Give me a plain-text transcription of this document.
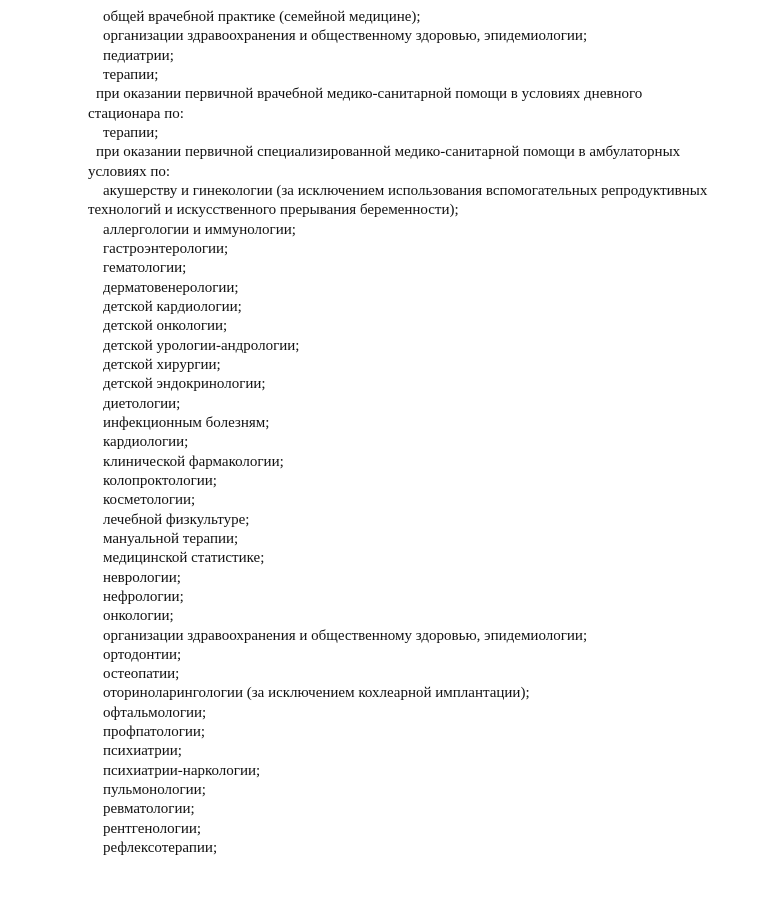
общей врачебной практике (семейной медицине);
организации здравоохранения и общественному здоровью, эпидемиологии;
педиатрии;
терапии;
при оказании первичной врачебной медико-санитарной помощи в условиях дневного
стационара по:
терапии;
при оказании первичной специализированной медико-санитарной помощи в амбулаторных
условиях по:
акушерству и гинекологии (за исключением использования вспомогательных репродуктивных
технологий и искусственного прерывания беременности);
аллергологии и иммунологии;
гастроэнтерологии;
гематологии;
дерматовенерологии;
детской кардиологии;
детской онкологии;
детской урологии-андрологии;
детской хирургии;
детской эндокринологии;
диетологии;
инфекционным болезням;
кардиологии;
клинической фармакологии;
колопроктологии;
косметологии;
лечебной физкультуре;
мануальной терапии;
медицинской статистике;
неврологии;
нефрологии;
онкологии;
организации здравоохранения и общественному здоровью, эпидемиологии;
ортодонтии;
остеопатии;
оториноларингологии (за исключением кохлеарной имплантации);
офтальмологии;
профпатологии;
психиатрии;
психиатрии-наркологии;
пульмонологии;
ревматологии;
рентгенологии;
рефлексотерапии;
